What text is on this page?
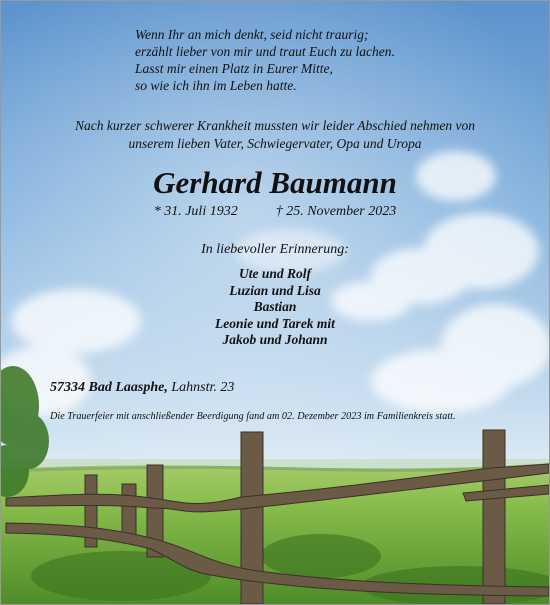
Wenn Ihr an mich denkt, seid nicht traurig;
erzählt lieber von mir und traut Euch zu lachen.
Lasst mir einen Platz in Eurer Mitte,
so wie ich ihn im Leben hatte.
Nach kurzer schwerer Krankheit mussten wir leider Abschied nehmen von
unserem lieben Vater, Schwiegervater, Opa und Uropa
Gerhard Baumann
* 31. Juli 1932	† 25. November 2023
In liebevoller Erinnerung:
Ute und Rolf
Luzian und Lisa
Bastian
Leonie und Tarek mit
Jakob und Johann
57334 Bad Laasphe, Lahnstr. 23
Die Trauerfeier mit anschließender Beerdigung fand am 02. Dezember 2023 im Familienkreis statt.
